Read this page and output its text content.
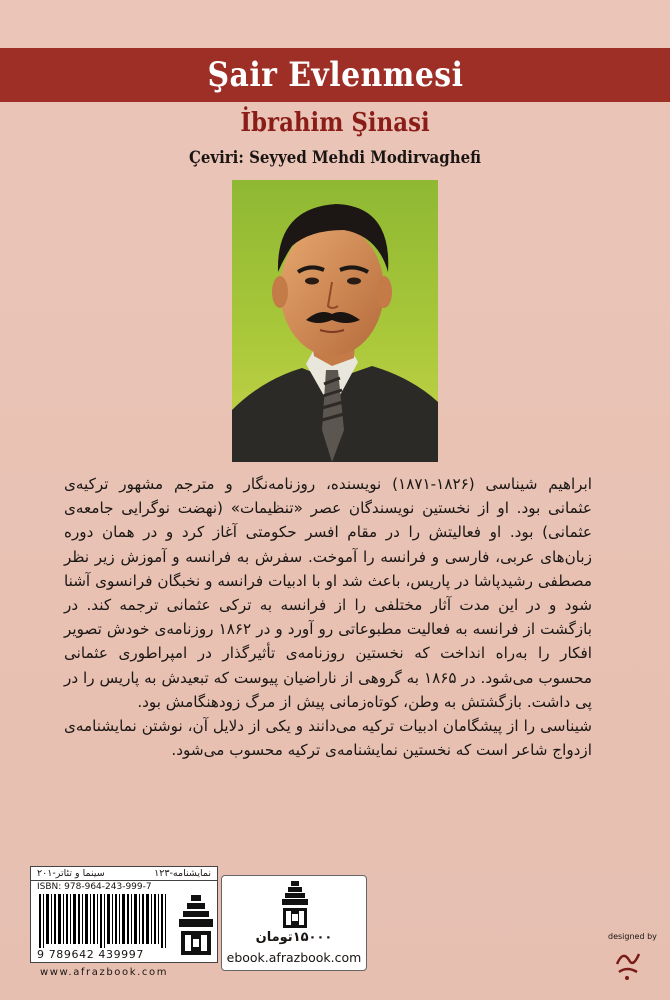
Şair Evlenmesi
İbrahim Şinasi
Çeviri: Seyyed Mehdi Modirvaghefi

ابراهیم شیناسی (۱۸۲۶-۱۸۷۱) نویسنده، روزنامه‌نگار و مترجم مشهور ترکیه‌ی عثمانی بود. او از نخستین نویسندگان عصر «تنظیمات» (نهضت نوگرایی جامعه‌ی عثمانی) بود. او فعالیتش را در مقام افسر حکومتی آغاز کرد و در همان دوره زبان‌های عربی، فارسی و فرانسه را آموخت. سفرش به فرانسه و آموزش زیر نظر مصطفی رشیدپاشا در پاریس، باعث شد او با ادبیات فرانسه و نخبگان فرانسوی آشنا شود و در این مدت آثار مختلفی را از فرانسه به ترکی عثمانی ترجمه کند. در بازگشت از فرانسه به فعالیت مطبوعاتی رو آورد و در ۱۸۶۲ روزنامه‌ی خودش تصویر افکار را به‌راه انداخت که نخستین روزنامه‌ی تأثیرگذار در امپراطوری عثمانی محسوب می‌شود. در ۱۸۶۵ به گروهی از ناراضیان پیوست که تبعیدش به پاریس را در پی داشت. بازگشتش به وطن، کوتاه‌زمانی پیش از مرگ زودهنگامش بود.

شیناسی را از پیشگامان ادبیات ترکیه می‌دانند و یکی از دلایل آن، نوشتن نمایشنامه‌ی ازدواج شاعر است که نخستین نمایشنامه‌ی ترکیه محسوب می‌شود.

نمایشنامه-۱۲۳
سینما و تئاتر-۲۰۱
ISBN: 978-964-243-999-7
9 789642 439997
۱۵۰۰۰تومان
ebook.afrazbook.com
www.afrazbook.com
designed by
